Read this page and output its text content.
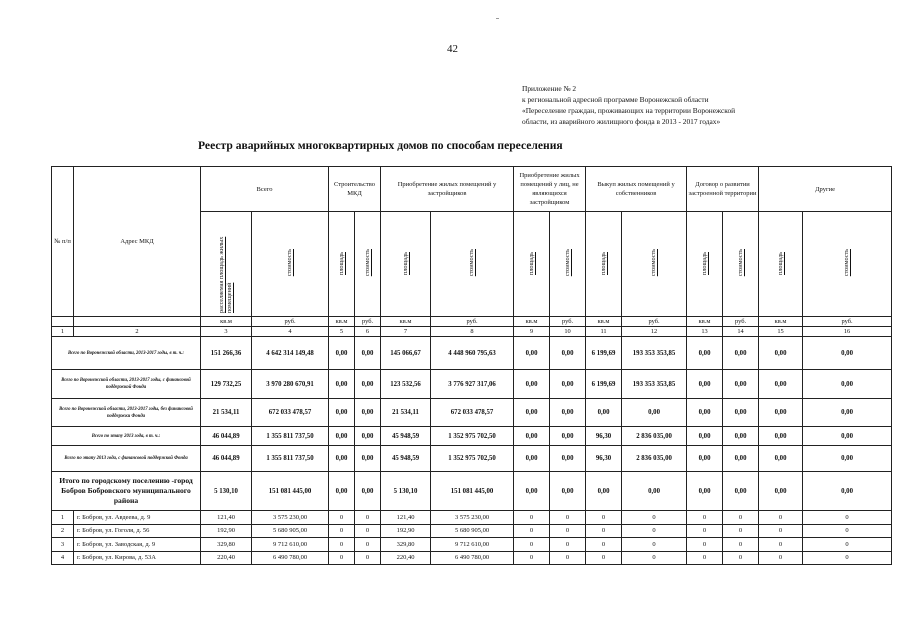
42
Приложение № 2
к региональной адресной программе Воронежской области
«Переселение граждан, проживающих на территории Воронежской
области, из аварийного жилищного фонда в 2013 - 2017 годах»
Реестр аварийных многоквартирных домов по способам переселения
№ п/п	Адрес МКД	Всего		Строительство МКД		Приобретение жилых помещений у застройщиков		Приобретение жилых помещений у лиц, не являющихся застройщиком		Выкуп жилых помещений у собственников		Договор о развитии застроенной территории		Другие	
		расселяемая площадь жилых помещений	стоимость	площадь	стоимость	площадь	стоимость	площадь	стоимость	площадь	стоимость	площадь	стоимость	площадь	стоимость
		кв.м	руб.	кв.м	руб.	кв.м	руб.	кв.м	руб.	кв.м	руб.	кв.м	руб.	кв.м	руб.
1	2	3	4	5	6	7	8	9	10	11	12	13	14	15	16
Всего по Воронежской области, 2013-2017 годы, в т. ч.:		151 266,36	4 642 314 149,48	0,00	0,00	145 066,67	4 448 960 795,63	0,00	0,00	6 199,69	193 353 353,85	0,00	0,00	0,00	0,00
Всего по Воронежской области, 2013-2017 годы, с финансовой поддержкой Фонда		129 732,25	3 970 280 670,91	0,00	0,00	123 532,56	3 776 927 317,06	0,00	0,00	6 199,69	193 353 353,85	0,00	0,00	0,00	0,00
Всего по Воронежской области, 2013-2017 годы, без финансовой поддержки Фонда		21 534,11	672 033 478,57	0,00	0,00	21 534,11	672 033 478,57	0,00	0,00	0,00	0,00	0,00	0,00	0,00	0,00
Всего по этапу 2013 года, в т. ч.:		46 044,89	1 355 811 737,50	0,00	0,00	45 948,59	1 352 975 702,50	0,00	0,00	96,30	2 836 035,00	0,00	0,00	0,00	0,00
Всего по этапу 2013 года, с финансовой поддержкой Фонда		46 044,89	1 355 811 737,50	0,00	0,00	45 948,59	1 352 975 702,50	0,00	0,00	96,30	2 836 035,00	0,00	0,00	0,00	0,00
Итого по городскому поселению -город Бобров Бобровского муниципального района		5 130,10	151 081 445,00	0,00	0,00	5 130,10	151 081 445,00	0,00	0,00	0,00	0,00	0,00	0,00	0,00	0,00
1	г. Бобров, ул. Авдеева, д. 9	121,40	3 575 230,00	0	0	121,40	3 575 230,00	0	0	0	0	0	0	0	0
2	г. Бобров, ул. Гоголя, д. 56	192,90	5 680 905,00	0	0	192,90	5 680 905,00	0	0	0	0	0	0	0	0
3	г. Бобров, ул. Заводская, д. 9	329,80	9 712 610,00	0	0	329,80	9 712 610,00	0	0	0	0	0	0	0	0
4	г. Бобров, ул. Кирова, д. 53А	220,40	6 490 780,00	0	0	220,40	6 490 780,00	0	0	0	0	0	0	0	0
